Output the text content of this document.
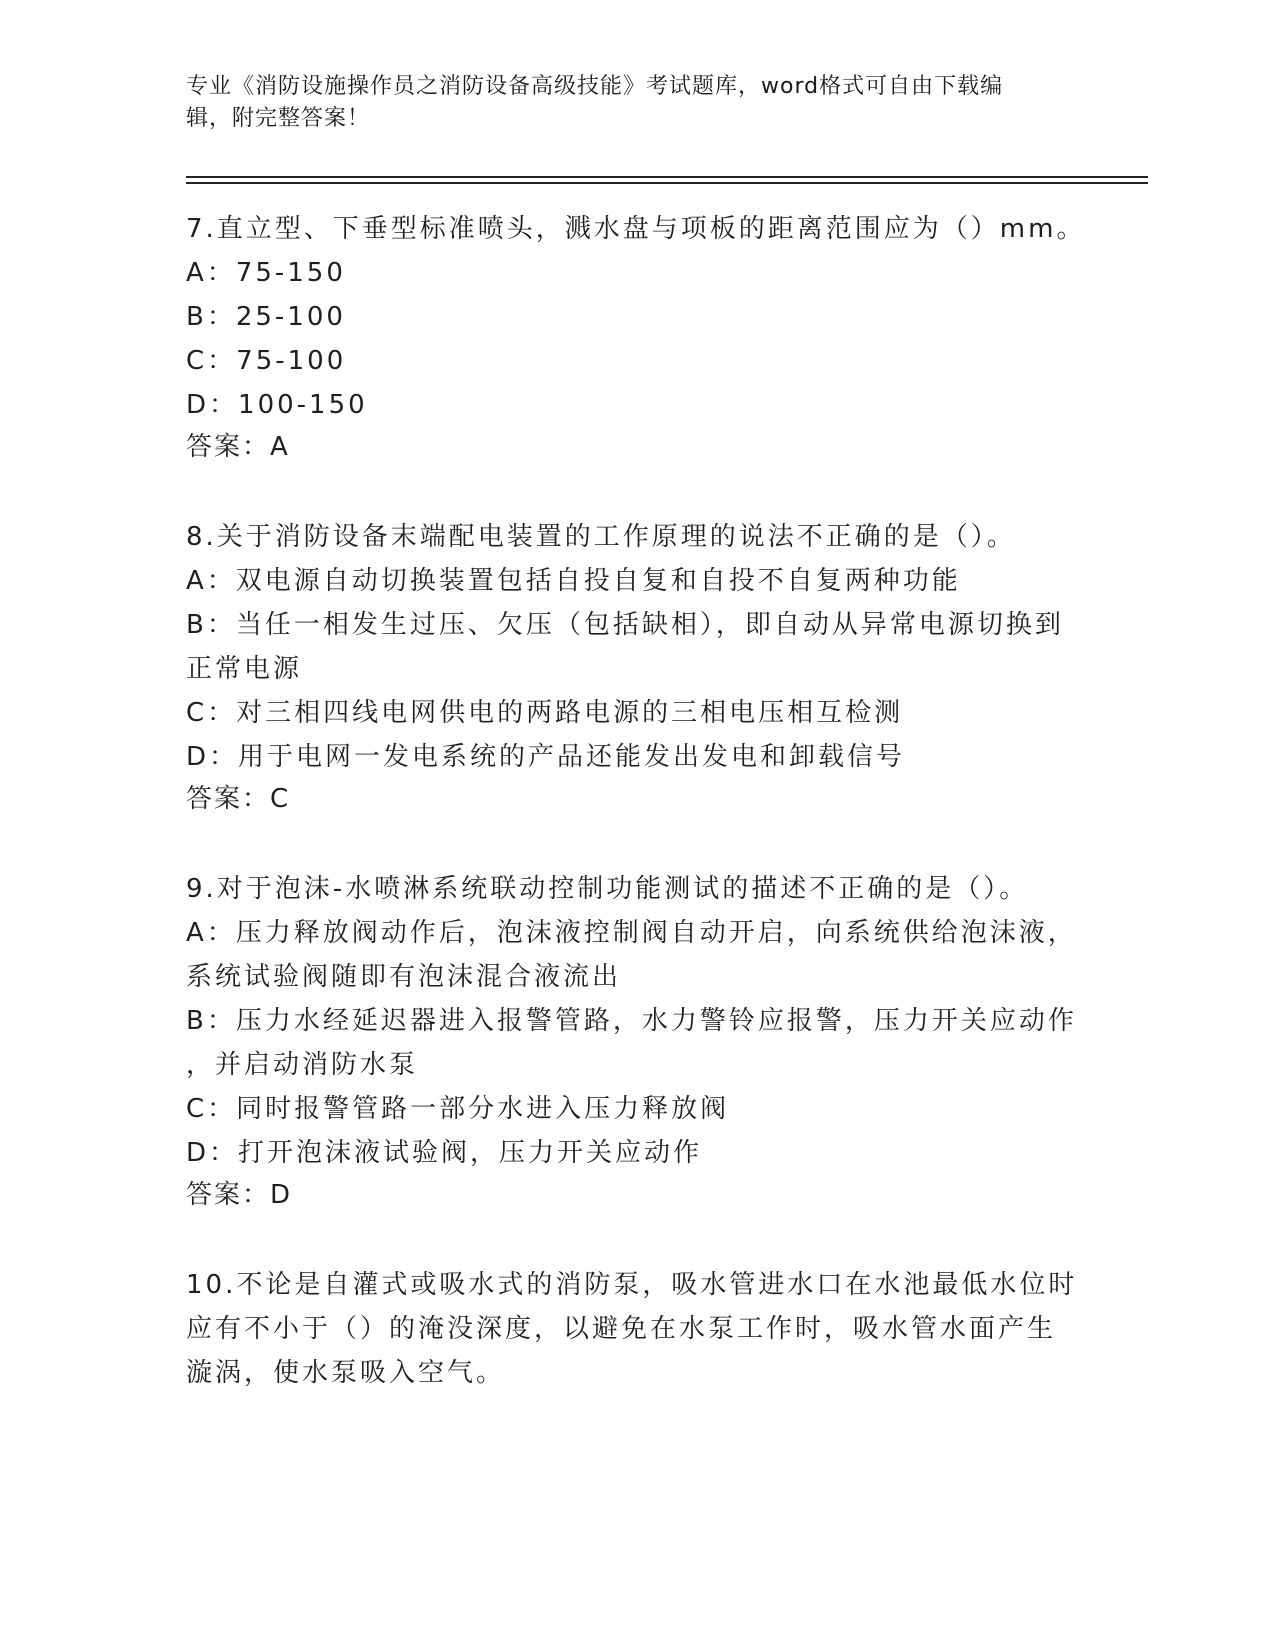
专业《消防设施操作员之消防设备高级技能》考试题库，word格式可自由下载编
辑，附完整答案！
7.直立型、下垂型标准喷头，溅水盘与项板的距离范围应为（）mm。
A：75-150
B：25-100
C：75-100
D：100-150
答案：A
8.关于消防设备末端配电装置的工作原理的说法不正确的是（）。
A：双电源自动切换装置包括自投自复和自投不自复两种功能
B：当任一相发生过压、欠压（包括缺相），即自动从异常电源切换到
正常电源
C：对三相四线电网供电的两路电源的三相电压相互检测
D：用于电网一发电系统的产品还能发出发电和卸载信号
答案：C
9.对于泡沫-水喷淋系统联动控制功能测试的描述不正确的是（）。
A：压力释放阀动作后，泡沫液控制阀自动开启，向系统供给泡沫液，
系统试验阀随即有泡沫混合液流出
B：压力水经延迟器进入报警管路，水力警铃应报警，压力开关应动作
，并启动消防水泵
C：同时报警管路一部分水进入压力释放阀
D：打开泡沫液试验阀，压力开关应动作
答案：D
10.不论是自灌式或吸水式的消防泵，吸水管进水口在水池最低水位时
应有不小于（）的淹没深度，以避免在水泵工作时，吸水管水面产生
漩涡，使水泵吸入空气。
